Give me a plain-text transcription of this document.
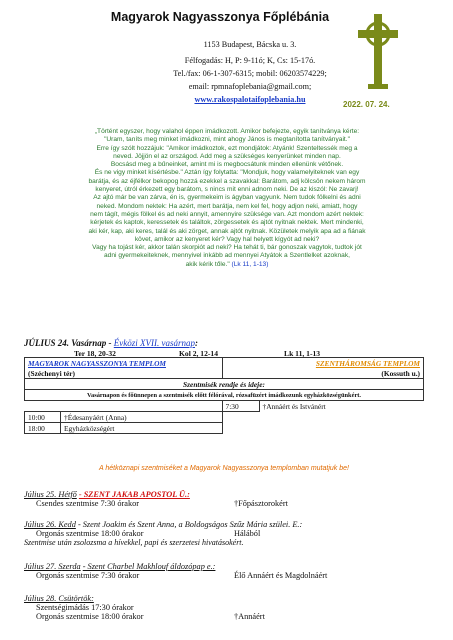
Magyarok Nagyasszonya Főplébánia
1153 Budapest, Bácska u. 3.
Félfogadás: H, P: 9-11ó; K, Cs: 15-17ó.
Tel./fax: 06-1-307-6315; mobil: 06203574229;
email: rpmnafoplebania@gmail.com;
www.rakospalotaifoplebania.hu
2022. 07. 24.
„Történt egyszer, hogy valahol éppen imádkozott. Amikor befejezte, egyik tanítványa kérte:
"Uram, taníts meg minket imádkozni, mint ahogy János is megtanította tanítványait."
Erre így szólt hozzájuk: "Amikor imádkoztok, ezt mondjátok: Atyánk! Szenteltessék meg a
neved. Jöjjön el az országod. Add meg a szükséges kenyerünket minden nap.
Bocsásd meg a bűneinket, amint mi is megbocsátunk minden ellenünk vétőnek.
És ne vigy minket kísértésbe." Aztán így folytatta: "Mondjuk, hogy valamelyiteknek van egy
barátja, és az éjfélkor bekopog hozzá ezekkel a szavakkal: Barátom, adj kölcsön nekem három
kenyeret, útról érkezett egy barátom, s nincs mit enni adnom neki. De az kiszól: Ne zavarj!
Az ajtó már be van zárva, én is, gyermekeim is ágyban vagyunk. Nem tudok fölkelni és adni
neked. Mondom nektek: Ha azért, mert barátja, nem kel fel, hogy adjon neki, amiatt, hogy
nem tágít, mégis fölkel és ad neki annyit, amennyire szüksége van. Azt mondom azért nektek:
kérjetek és kaptok, keressetek és találtok, zörgessetek és ajtót nyitnak nektek. Mert mindenki,
aki kér, kap, aki keres, talál és aki zörget, annak ajtót nyitnak. Közületek melyik apa ad a fiának
követ, amikor az kenyeret kér? Vagy hal helyett kígyót ad neki?
Vagy ha tojást kér, akkor talán skorpiót ad neki? Ha tehát ti, bár gonoszak vagytok, tudtok jót
adni gyermekeiteknek, mennyivel inkább ad mennyei Atyátok a Szentlelket azoknak,
akik kérik tőle." (Lk 11, 1-13)
JÚLIUS 24. Vasárnap - Évközi XVII. vasárnap:
Ter 18, 20-32	Kol 2, 12-14	Lk 11, 1-13
MAGYAROK NAGYASSZONYA TEMPLOM		SZENTHÁROMSÁG TEMPLOM	
(Széchenyi tér)		(Kossuth u.)	
Szentmisék rendje és ideje:			
Vasárnapon és főünnepen a szentmisék előtt félórával, rózsafüzért imádkozunk egyházközségünkért.			
		7:30	†Annáért és Istvánért
10:00	†Édesanyáért (Anna)		
18:00	Egyházközségért		
A hétköznapi szentmiséket a Magyarok Nagyasszonya templomban mutatjuk be!
Július 25. Hétfő - SZENT JAKAB APOSTOL Ü.:
Csendes szentmise 7:30 órakor	†Főpásztorokért
Július 26. Kedd - Szent Joakim és Szent Anna, a Boldogságos Szűz Mária szülei. E.:
Orgonás szentmise 18:00 órakor	Hálából
Szentmise után zsolozsma a hívekkel, papi és szerzetesi hivatásokért.
Július 27. Szerda - Szent Charbel Makhlouf áldozópap e.:
Orgonás szentmise 7:30 órakor	Élő Annáért és Magdolnáért
Július 28. Csütörtök:
Szentségimádás 17:30 órakor
Orgonás szentmise 18:00 órakor	†Annáért
